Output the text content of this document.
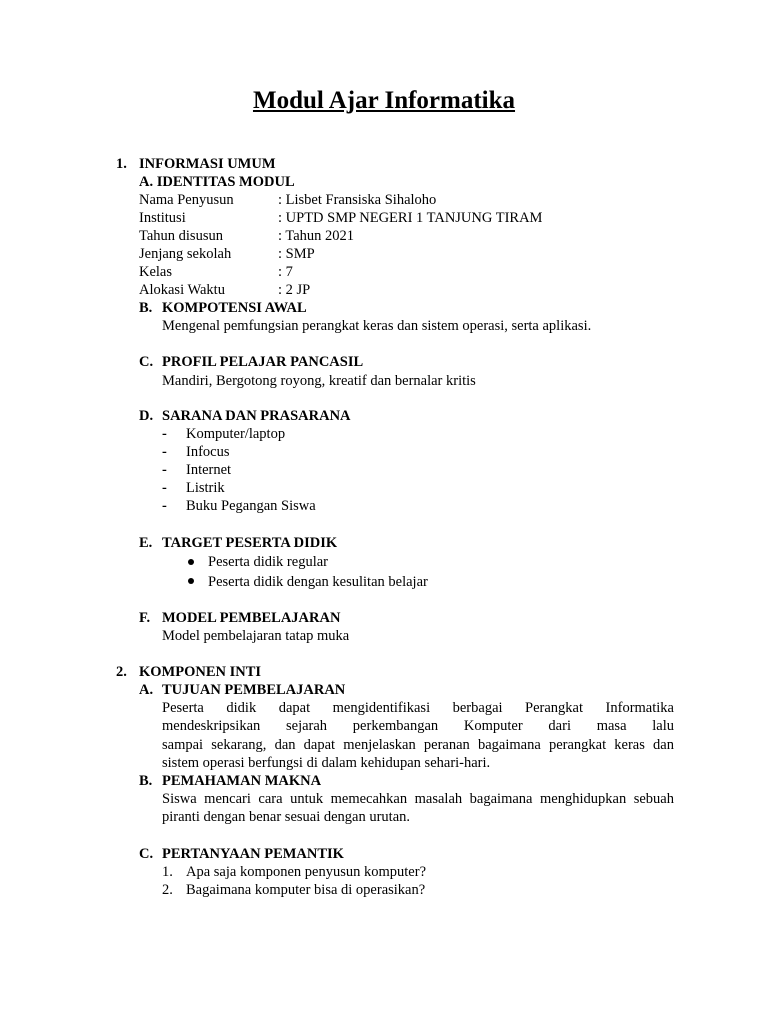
Modul Ajar Informatika
1. INFORMASI UMUM
A. IDENTITAS MODUL
Nama Penyusun	: Lisbet Fransiska Sihaloho
Institusi	: UPTD SMP NEGERI 1 TANJUNG TIRAM
Tahun disusun	: Tahun 2021
Jenjang sekolah	: SMP
Kelas	: 7
Alokasi Waktu	: 2 JP
B. KOMPOTENSI AWAL
Mengenal pemfungsian perangkat keras dan sistem operasi, serta aplikasi.
C. PROFIL PELAJAR PANCASIL
Mandiri, Bergotong royong, kreatif dan bernalar kritis
D. SARANA DAN PRASARANA
- Komputer/laptop
- Infocus
- Internet
- Listrik
- Buku Pegangan Siswa
E. TARGET PESERTA DIDIK
Peserta didik regular
Peserta didik dengan kesulitan belajar
F. MODEL PEMBELAJARAN
Model pembelajaran tatap muka
2. KOMPONEN INTI
A. TUJUAN PEMBELAJARAN
Peserta didik dapat mengidentifikasi berbagai Perangkat Informatika
mendeskripsikan sejarah perkembangan Komputer dari masa lalu
sampai sekarang, dan dapat menjelaskan peranan bagaimana perangkat keras dan
sistem operasi berfungsi di dalam kehidupan sehari-hari.
B. PEMAHAMAN MAKNA
Siswa mencari cara untuk memecahkan masalah bagaimana menghidupkan sebuah
piranti dengan benar sesuai dengan urutan.
C. PERTANYAAN PEMANTIK
1. Apa saja komponen penyusun komputer?
2. Bagaimana komputer bisa di operasikan?
